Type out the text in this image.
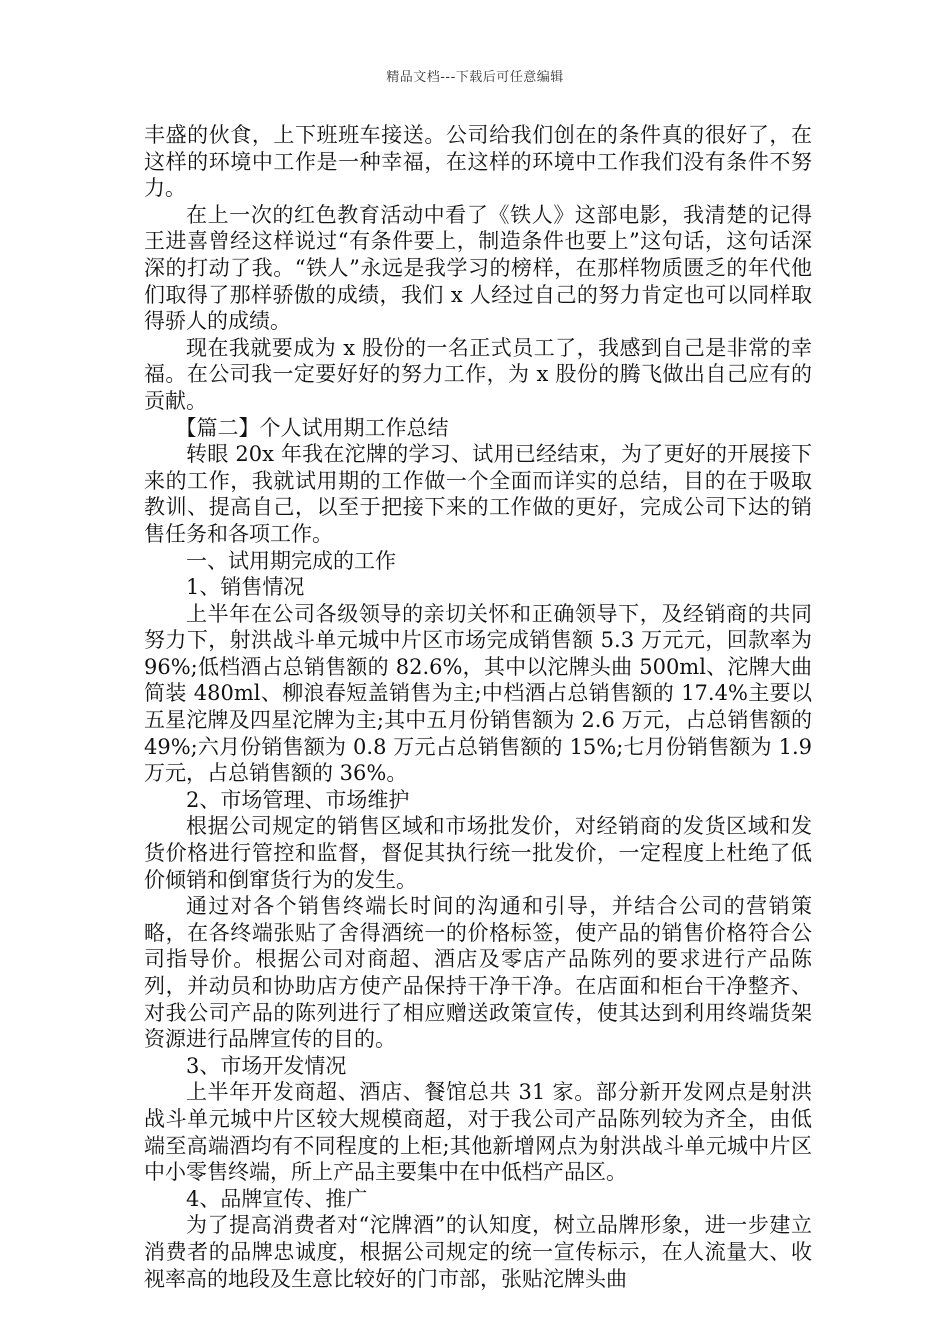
精品文档---下载后可任意编辑

丰盛的伙食，上下班班车接送。公司给我们创在的条件真的很好了，在这样的环境中工作是一种幸福，在这样的环境中工作我们没有条件不努力。

在上一次的红色教育活动中看了《铁人》这部电影，我清楚的记得王进喜曾经这样说过“有条件要上，制造条件也要上”这句话，这句话深深的打动了我。“铁人”永远是我学习的榜样，在那样物质匮乏的年代他们取得了那样骄傲的成绩，我们 x 人经过自己的努力肯定也可以同样取得骄人的成绩。

现在我就要成为 x 股份的一名正式员工了，我感到自己是非常的幸福。在公司我一定要好好的努力工作，为 x 股份的腾飞做出自己应有的贡献。

【篇二】个人试用期工作总结

转眼 20x 年我在沱牌的学习、试用已经结束，为了更好的开展接下来的工作，我就试用期的工作做一个全面而详实的总结，目的在于吸取教训、提高自己，以至于把接下来的工作做的更好，完成公司下达的销售任务和各项工作。

一、试用期完成的工作

1、销售情况

上半年在公司各级领导的亲切关怀和正确领导下，及经销商的共同努力下，射洪战斗单元城中片区市场完成销售额 5.3 万元元，回款率为 96%;低档酒占总销售额的 82.6%，其中以沱牌头曲 500ml、沱牌大曲简装 480ml、柳浪春短盖销售为主;中档酒占总销售额的 17.4%主要以五星沱牌及四星沱牌为主;其中五月份销售额为 2.6 万元，占总销售额的 49%;六月份销售额为 0.8 万元占总销售额的 15%;七月份销售额为 1.9 万元，占总销售额的 36%。

2、市场管理、市场维护

根据公司规定的销售区域和市场批发价，对经销商的发货区域和发货价格进行管控和监督，督促其执行统一批发价，一定程度上杜绝了低价倾销和倒窜货行为的发生。

通过对各个销售终端长时间的沟通和引导，并结合公司的营销策略，在各终端张贴了舍得酒统一的价格标签，使产品的销售价格符合公司指导价。根据公司对商超、酒店及零店产品陈列的要求进行产品陈列，并动员和协助店方使产品保持干净干净。在店面和柜台干净整齐、对我公司产品的陈列进行了相应赠送政策宣传，使其达到利用终端货架资源进行品牌宣传的目的。

3、市场开发情况

上半年开发商超、酒店、餐馆总共 31 家。部分新开发网点是射洪战斗单元城中片区较大规模商超，对于我公司产品陈列较为齐全，由低端至高端酒均有不同程度的上柜;其他新增网点为射洪战斗单元城中片区中小零售终端，所上产品主要集中在中低档产品区。

4、品牌宣传、推广

为了提高消费者对“沱牌酒”的认知度，树立品牌形象，进一步建立消费者的品牌忠诚度，根据公司规定的统一宣传标示，在人流量大、收视率高的地段及生意比较好的门市部，张贴沱牌头曲
